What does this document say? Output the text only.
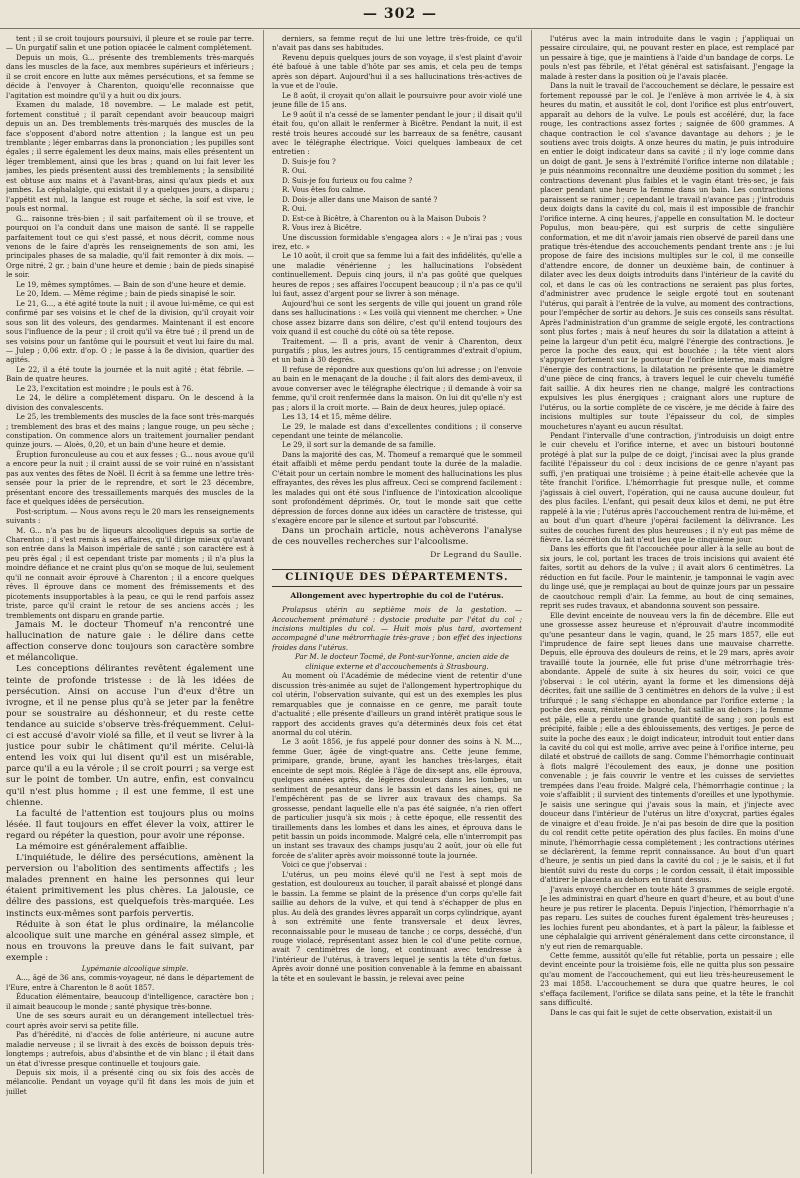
— 302 —

tent ; il se croit toujours poursuivi, il pleure et se roule par terre. — Un purgatif salin et une potion opiacée le calment complétement.

Depuis un mois, G... présente des tremblements très-marqués dans les muscles de la face, aux membres supérieurs et inférieurs ; il se croit encore en lutte aux mêmes persécutions, et sa femme se décide à l'envoyer à Charenton, quoiqu'elle reconnaisse que l'agitation est moindre qu'il y a huit ou dix jours.

Examen du malade, 18 novembre. — Le malade est petit, fortement constitué ; il paraît cependant avoir beaucoup maigri depuis un an. Des tremblements très-marqués des muscles de la face s'opposent d'abord notre attention ; la langue est un peu tremblante ; léger embarras dans la prononciation ; les pupilles sont égales ; il serre également les deux mains, mais elles présentent un léger tremblement, ainsi que les bras ; quand on lui fait lever les jambes, les pieds présentent aussi des tremblements ; la sensibilité est obtuse aux mains et à l'avant-bras, ainsi qu'aux pieds et aux jambes. La céphalalgie, qui existait il y a quelques jours, a disparu ; l'appétit est nul, la langue est rouge et sèche, la soif est vive, le pouls est normal.

G... raisonne très-bien ; il sait parfaitement où il se trouve, et pourquoi on l'a conduit dans une maison de santé. Il se rappelle parfaitement tout ce qui s'est passé, et nous décrit, comme nous venons de le faire d'après les renseignements de son ami, les principales phases de sa maladie, qu'il fait remonter à dix mois. — Orge nitré, 2 gr. ; bain d'une heure et demie ; bain de pieds sinapisé le soir.

Le 19, mêmes symptômes. — Bain de son d'une heure et demie.

Le 20, Idem. — Même régime ; bain de pieds sinapisé le soir.

Le 21, G..., a été agité toute la nuit ; il avoue lui-même, ce qui est confirmé par ses voisins et le chef de la division, qu'il croyait voir sous son lit des voleurs, des gendarmes. Maintenant il est encore sous l'influence de la peur ; il croit qu'il va être tué ; il prend un de ses voisins pour un fantôme qui le poursuit et veut lui faire du mal. — Julep ; 0,06 extr. d'op. O ; le passe à la 8e division, quartier des agités.

Le 22, il a été toute la journée et la nuit agité ; état fébrile. — Bain de quatre heures.

Le 23, l'excitation est moindre ; le pouls est à 76.

Le 24, le délire a complétement disparu. On le descend à la division des convalescents.

Le 25, les tremblements des muscles de la face sont très-marqués ; tremblement des bras et des mains ; langue rouge, un peu sèche ; constipation. On commence alors un traitement journalier pendant quinze jours. — Aloès, 0,20, et un bain d'une heure et demie.

Éruption furonculeuse au cou et aux fesses ; G... nous avoue qu'il a encore peur la nuit ; il craint aussi de se voir ruiné en n'assistant pas aux ventes des fêtes de Noël. Il écrit à sa femme une lettre très-sensée pour la prier de le reprendre, et sort le 23 décembre, présentant encore des tressaillements marqués des muscles de la face et quelques idées de persécution.

Post-scriptum. — Nous avons reçu le 20 mars les renseignements suivants :

M. G... n'a pas bu de liqueurs alcooliques depuis sa sortie de Charenton ; il s'est remis à ses affaires, qu'il dirige mieux qu'avant son entrée dans la Maison impériale de santé ; son caractère est à peu près égal ; il est cependant triste par moments ; il n'a plus la moindre défiance et ne craint plus qu'on se moque de lui, seulement qu'il ne connait avoir éprouvé à Charenton ; il a encore quelques rêves. Il éprouve dans ce moment des frémissements et des picotements insupportables à la peau, ce qui le rend parfois assez triste, parce qu'il craint le retour de ses anciens accès ; les tremblements ont disparu en grande partie.

Jamais M. le docteur Thomeuf n'a rencontré une hallucination de nature gaie : le délire dans cette affection conserve donc toujours son caractère sombre et mélancolique.

Les conceptions délirantes revêtent également une teinte de profonde tristesse : de là les idées de persécution. Ainsi on accuse l'un d'eux d'être un ivrogne, et il ne pense plus qu'à se jeter par la fenêtre pour se soustraire au déshonneur, et du reste cette tendance au suicide s'observe très-fréquemment. Celui-ci est accusé d'avoir violé sa fille, et il veut se livrer à la justice pour subir le châtiment qu'il mérite. Celui-là entend les voix qui lui disent qu'il est un misérable, parce qu'il a eu la vérole ; il se croit pourri ; sa verge est sur le point de tomber. Un autre, enfin, est convaincu qu'il n'est plus homme ; il est une femme, il est une chienne.

La faculté de l'attention est toujours plus ou moins lésée. Il faut toujours en effet élever la voix, attirer le regard ou répéter la question, pour avoir une réponse.

La mémoire est généralement affaiblie.

L'inquiétude, le délire des persécutions, amènent la perversion ou l'abolition des sentiments affectifs ; les malades prennent en haine les personnes qui leur étaient primitivement les plus chères. La jalousie, ce délire des passions, est quelquefois très-marquée. Les instincts eux-mêmes sont parfois pervertis.

Réduite à son état le plus ordinaire, la mélancolie alcoolique suit une marche en général assez simple, et nous en trouvons la preuve dans le fait suivant, par exemple :

Lypémanie alcoolique simple.

A..., âgé de 36 ans, commis-voyageur, né dans le département de l'Eure, entre à Charenton le 8 août 1857.

Éducation élémentaire, beaucoup d'intelligence, caractère bon ; il aimait beaucoup le monde ; santé physique très-bonne.

Une de ses sœurs aurait eu un dérangement intellectuel très-court après avoir servi sa petite fille.

Pas d'hérédité, ni d'accès de folie antérieure, ni aucune autre maladie nerveuse ; il se livrait à des excès de boisson depuis très-longtemps ; autrefois, abus d'absinthe et de vin blanc ; il était dans un état d'ivresse presque continuelle et toujours gaie.

Depuis six mois, il a présenté cinq ou six fois des accès de mélancolie. Pendant un voyage qu'il fit dans les mois de juin et juillet

derniers, sa femme reçut de lui une lettre très-froide, ce qu'il n'avait pas dans ses habitudes.

Revenu depuis quelques jours de son voyage, il s'est plaint d'avoir été bafoué à une table d'hôte par ses amis, et cela peu de temps après son départ. Aujourd'hui il a ses hallucinations très-actives de la vue et de l'ouïe.

Le 8 août, il croyait qu'on allait le poursuivre pour avoir violé une jeune fille de 15 ans.

Le 9 août il n'a cessé de se lamenter pendant le jour ; il disait qu'il était fou, qu'on allait le renfermer à Bicêtre. Pendant la nuit, il est resté trois heures accoudé sur les barreaux de sa fenêtre, causant avec le télégraphe électrique. Voici quelques lambeaux de cet entretien :

D. Suis-je fou ?

R. Oui.

D. Suis-je fou furieux ou fou calme ?

R. Vous êtes fou calme.

D. Dois-je aller dans une Maison de santé ?

R. Oui.

D. Est-ce à Bicêtre, à Charenton ou à la Maison Dubois ?

R. Vous irez à Bicêtre.

Une discussion formidable s'engagea alors : « Je n'irai pas ; vous irez, etc. »

Le 10 août, il croit que sa femme lui a fait des infidélités, qu'elle a une maladie vénérienne ; les hallucinations l'obsèdent continuellement. Depuis cinq jours, il n'a pas goûté que quelques heures de repos ; ses affaires l'occupent beaucoup ; il n'a pas ce qu'il lui faut, assez d'argent pour se livrer à son ménage.

Aujourd'hui ce sont les sergents de ville qui jouent un grand rôle dans ses hallucinations : « Les voilà qui viennent me chercher. » Une chose assez bizarre dans son délire, c'est qu'il entend toujours des voix quand il est couché du côté où sa tête repose.

Traitement. — Il a pris, avant de venir à Charenton, deux purgatifs ; plus, les autres jours, 15 centigrammes d'extrait d'opium, et un bain à 30 degrés.

Il refuse de répondre aux questions qu'on lui adresse ; on l'envoie au bain en le menaçant de la douche ; il fait alors des demi-aveux, il avoue converser avec le télégraphe électrique ; il demande à voir sa femme, qu'il croit renfermée dans la maison. On lui dit qu'elle n'y est pas ; alors il la croit morte. — Bain de deux heures, julep opiacé.

Les 13, 14 et 15, même délire.

Le 29, le malade est dans d'excellentes conditions ; il conserve cependant une teinte de mélancolie.

Le 29, il sort sur la demande de sa famille.

Dans la majorité des cas, M. Thomeuf a remarqué que le sommeil était affaibli et même perdu pendant toute la durée de la maladie. C'était pour un certain nombre le moment des hallucinations les plus effrayantes, des rêves les plus affreux. Ceci se comprend facilement : les malades qui ont été sous l'influence de l'intoxication alcoolique sont profondément déprimés. Or, tout le monde sait que cette dépression de forces donne aux idées un caractère de tristesse, qui s'exagère encore par le silence et surtout par l'obscurité.

Dans un prochain article, nous achèverons l'analyse de ces nouvelles recherches sur l'alcoolisme.

Dr Legrand du Saulle.
CLINIQUE DES DÉPARTEMENTS.
Allongement avec hypertrophie du col de l'utérus.

Prolapsus utérin au septième mois de la gestation. — Accouchement prématuré : dystocie produite par l'état du col ; incisions multiples du col. — Huit mois plus tard, avortement accompagné d'une métrorrhagie très-grave ; bon effet des injections froides dans l'utérus.

Par M. le docteur Tocmé, de Pont-sur-Yonne, ancien aide de clinique externe et d'accouchements à Strasbourg.

Au moment où l'Académie de médecine vient de retentir d'une discussion très-animée au sujet de l'allongement hypertrophique du col utérin, l'observation suivante, qui est un des exemples les plus remarquables que je connaisse en ce genre, me paraît toute d'actualité ; elle présente d'ailleurs un grand intérêt pratique sous le rapport des accidents graves qu'a déterminés deux fois cet état anormal du col utérin.

Le 3 août 1856, je fus appelé pour donner des soins à N. M..., femme Guer, âgée de vingt-quatre ans. Cette jeune femme, primipare, grande, brune, ayant les hanches très-larges, était enceinte de sept mois. Réglée à l'âge de dix-sept ans, elle éprouva, quelques années après, de légères douleurs dans les lombes, un sentiment de pesanteur dans le bassin et dans les aines, qui ne l'empêchèrent pas de se livrer aux travaux des champs. Sa grossesse, pendant laquelle elle n'a pas été saignée, n'a rien offert de particulier jusqu'à six mois ; à cette époque, elle ressentit des tiraillements dans les lombes et dans les aines, et éprouva dans le petit bassin un poids incommode. Malgré cela, elle n'interrompit pas un instant ses travaux des champs jusqu'au 2 août, jour où elle fut forcée de s'aliter après avoir moissonné toute la journée.

Voici ce que j'observai :

L'utérus, un peu moins élevé qu'il ne l'est à sept mois de gestation, est douloureux au toucher, il paraît abaissé et plongé dans le bassin. La femme se plaint de la présence d'un corps qu'elle fait saillie au dehors de la vulve, et qui tend à s'échapper de plus en plus. Au delà des grandes lèvres apparaît un corps cylindrique, ayant à son extrémité une fente transversale et deux lèvres, reconnaissable pour le museau de tanche ; ce corps, desséché, d'un rouge violacé, représentant assez bien le col d'une petite cornue, avait 7 centimètres de long, et continuant avec tendresse à l'intérieur de l'utérus, à travers lequel je sentis la tête d'un fœtus. Après avoir donné une position convenable à la femme en abaissant la tête et en soulevant le bassin, je relevai avec peine

l'utérus avec la main introduite dans le vagin ; j'appliquai un pessaire circulaire, qui, ne pouvant rester en place, est remplacé par un pessaire à tige, que je maintiens à l'aide d'un bandage de corps. Le pouls n'est pas fébrile, et l'état général est satisfaisant. J'engage la malade à rester dans la position où je l'avais placée.

Dans la nuit le travail de l'accouchement se déclare, le pessaire est fortement repoussé par le col. Je l'enlève à mon arrivée le 4, à six heures du matin, et aussitôt le col, dont l'orifice est plus entr'ouvert, apparaît au dehors de la vulve. Le pouls est accéléré, dur, la face rouge, les contractions assez fortes ; saignée de 600 grammes. A chaque contraction le col s'avance davantage au dehors ; je le soutiens avec trois doigts. A onze heures du matin, je puis introduire en entier le doigt indicateur dans sa cavité ; il n'y loge comme dans un doigt de gant. Je sens à l'extrémité l'orifice interne non dilatable ; je puis néanmoins reconnaître une deuxième position du sommet ; les contractions devenant plus faibles et le vagin étant très-sec, je fais placer pendant une heure la femme dans un bain. Les contractions paraissent se ranimer ; cependant le travail n'avance pas ; j'introduis deux doigts dans la cavité du col, mais il est impossible de franchir l'orifice interne. A cinq heures, j'appelle en consultation M. le docteur Populus, mon beau-père, qui est surpris de cette singulière conformation, et me dit n'avoir jamais rien observé de pareil dans une pratique très-étendue des accouchements pendant trente ans : je lui propose de faire des incisions multiples sur le col, il me conseille d'attendre encore, de donner un deuxième bain, de continuer à dilater avec les deux doigts introduits dans l'intérieur de la cavité du col, et dans le cas où les contractions ne seraient pas plus fortes, d'administrer avec prudence le seigle ergoté tout en soutenant l'utérus, qui paraît à l'entrée de la vulve, au moment des contractions, pour l'empêcher de sortir au dehors. Je suis ces conseils sans résultat. Après l'administration d'un gramme de seigle ergoté, les contractions sont plus fortes ; mais à neuf heures du soir la dilatation a atteint à peine la largeur d'un petit écu, malgré l'énergie des contractions. Je perce la poche des eaux, qui est bouchée ; la tête vient alors s'appuyer fortement sur le pourtour de l'orifice interne, mais malgré l'énergie des contractions, la dilatation ne présente que le diamètre d'une pièce de cinq francs, à travers lequel le cuir chevelu tuméfié fait saillie. A dix heures rien ne change, malgré les contractions expulsives les plus énergiques ; craignant alors une rupture de l'utérus, ou la sortie complète de ce viscère, je me décide à faire des incisions multiples sur toute l'épaisseur du col, de simples mouchetures n'ayant eu aucun résultat.

Pendant l'intervalle d'une contraction, j'introduisis un doigt entre le cuir chevelu et l'orifice interne, et avec un bistouri boutonné protégé à plat sur la pulpe de ce doigt, j'incisai avec la plus grande facilité l'épaisseur du col : deux incisions de ce genre n'ayant pas suffi, j'en pratiquai une troisième ; à peine était-elle achevée que la tête franchit l'orifice. L'hémorrhagie fut presque nulle, et comme j'agissais à ciel ouvert, l'opération, qui ne causa aucune douleur, fut des plus faciles. L'enfant, qui pesait deux kilos et demi, ne put être rappelé à la vie ; l'utérus après l'accouchement rentra de lui-même, et au bout d'un quart d'heure j'opérai facilement la délivrance. Les suites de couches furent des plus heureuses ; il n'y eut pas même de fièvre. La sécrétion du lait n'eut lieu que le cinquième jour.

Dans les efforts que fit l'accouchée pour aller à la selle au bout de six jours, le col, portant les traces de trois incisions qui avaient été faites, sortit au dehors de la vulve ; il avait alors 6 centimètres. La réduction en fut facile. Pour le maintenir, je tamponnai le vagin avec du linge usé, que je remplaçai au bout de quinze jours par un pessaire de caoutchouc rempli d'air. La femme, au bout de cinq semaines, reprit ses rudes travaux, et abandonna souvent son pessaire.

Elle devint enceinte de nouveau vers la fin de décembre. Elle eut une grossesse assez heureuse et n'éprouvait d'autre incommodité qu'une pesanteur dans le vagin, quand, le 25 mars 1857, elle eut l'imprudence de faire sept lieues dans une mauvaise charrette. Depuis, elle éprouva des douleurs de reins, et le 29 mars, après avoir travaillé toute la journée, elle fut prise d'une métrorrhagie très-abondante. Appelé de suite à six heures du soir, voici ce que j'observai : le col utérin, ayant la forme et les dimensions déjà décrites, fait une saillie de 3 centimètres en dehors de la vulve ; il est trifurqué ; le sang s'échappe en abondance par l'orifice externe ; la poche des eaux, rénitente de bouche, fait saillie au dehors ; la femme est pâle, elle a perdu une grande quantité de sang ; son pouls est précipité, faible ; elle a des éblouissements, des vertiges. Je perce de suite la poche des eaux ; le doigt indicateur, introduit tout entier dans la cavité du col qui est molle, arrive avec peine à l'orifice interne, peu dilaté et obstrué de caillots de sang. Comme l'hémorrhagie continuait à flots malgré l'écoulement des eaux, je donne une position convenable ; je fais couvrir le ventre et les cuisses de serviettes trempées dans l'eau froide. Malgré cela, l'hémorrhagie continue ; la voie s'affaiblit ; il survient des tintements d'oreilles et une lypothymie. Je saisis une seringue qui j'avais sous la main, et j'injecte avec douceur dans l'intérieur de l'utérus un litre d'oxycrat, parties égales de vinaigre et d'eau froide. Je n'ai pas besoin de dire que la position du col rendit cette petite opération des plus faciles. En moins d'une minute, l'hémorrhagie cessa complétement ; les contractions utérines se déclarèrent, la femme reprit connaissance. Au bout d'un quart d'heure, je sentis un pied dans la cavité du col ; je le saisis, et il fut bientôt suivi du reste du corps ; le cordon cessait, il était impossible d'attirer le placenta au dehors en tirant dessus.

J'avais envoyé chercher en toute hâte 3 grammes de seigle ergoté. Je les administrai en quart d'heure en quart d'heure, et au bout d'une heure je pus retirer le placenta. Depuis l'injection, l'hémorrhagie n'a pas reparu. Les suites de couches furent également très-heureuses ; les lochies furent peu abondantes, et à part la pâleur, la faiblesse et une céphalalgie qui arrivent généralement dans cette circonstance, il n'y eut rien de remarquable.

Cette femme, aussitôt qu'elle fut rétablie, porta un pessaire ; elle devint enceinte pour la troisième fois, elle ne quitta plus son pessaire qu'au moment de l'accouchement, qui eut lieu très-heureusement le 23 mai 1858. L'accouchement se dura que quatre heures, le col s'effaça facilement, l'orifice se dilata sans peine, et la tête le franchit sans difficulté.

Dans le cas qui fait le sujet de cette observation, existait-il un
